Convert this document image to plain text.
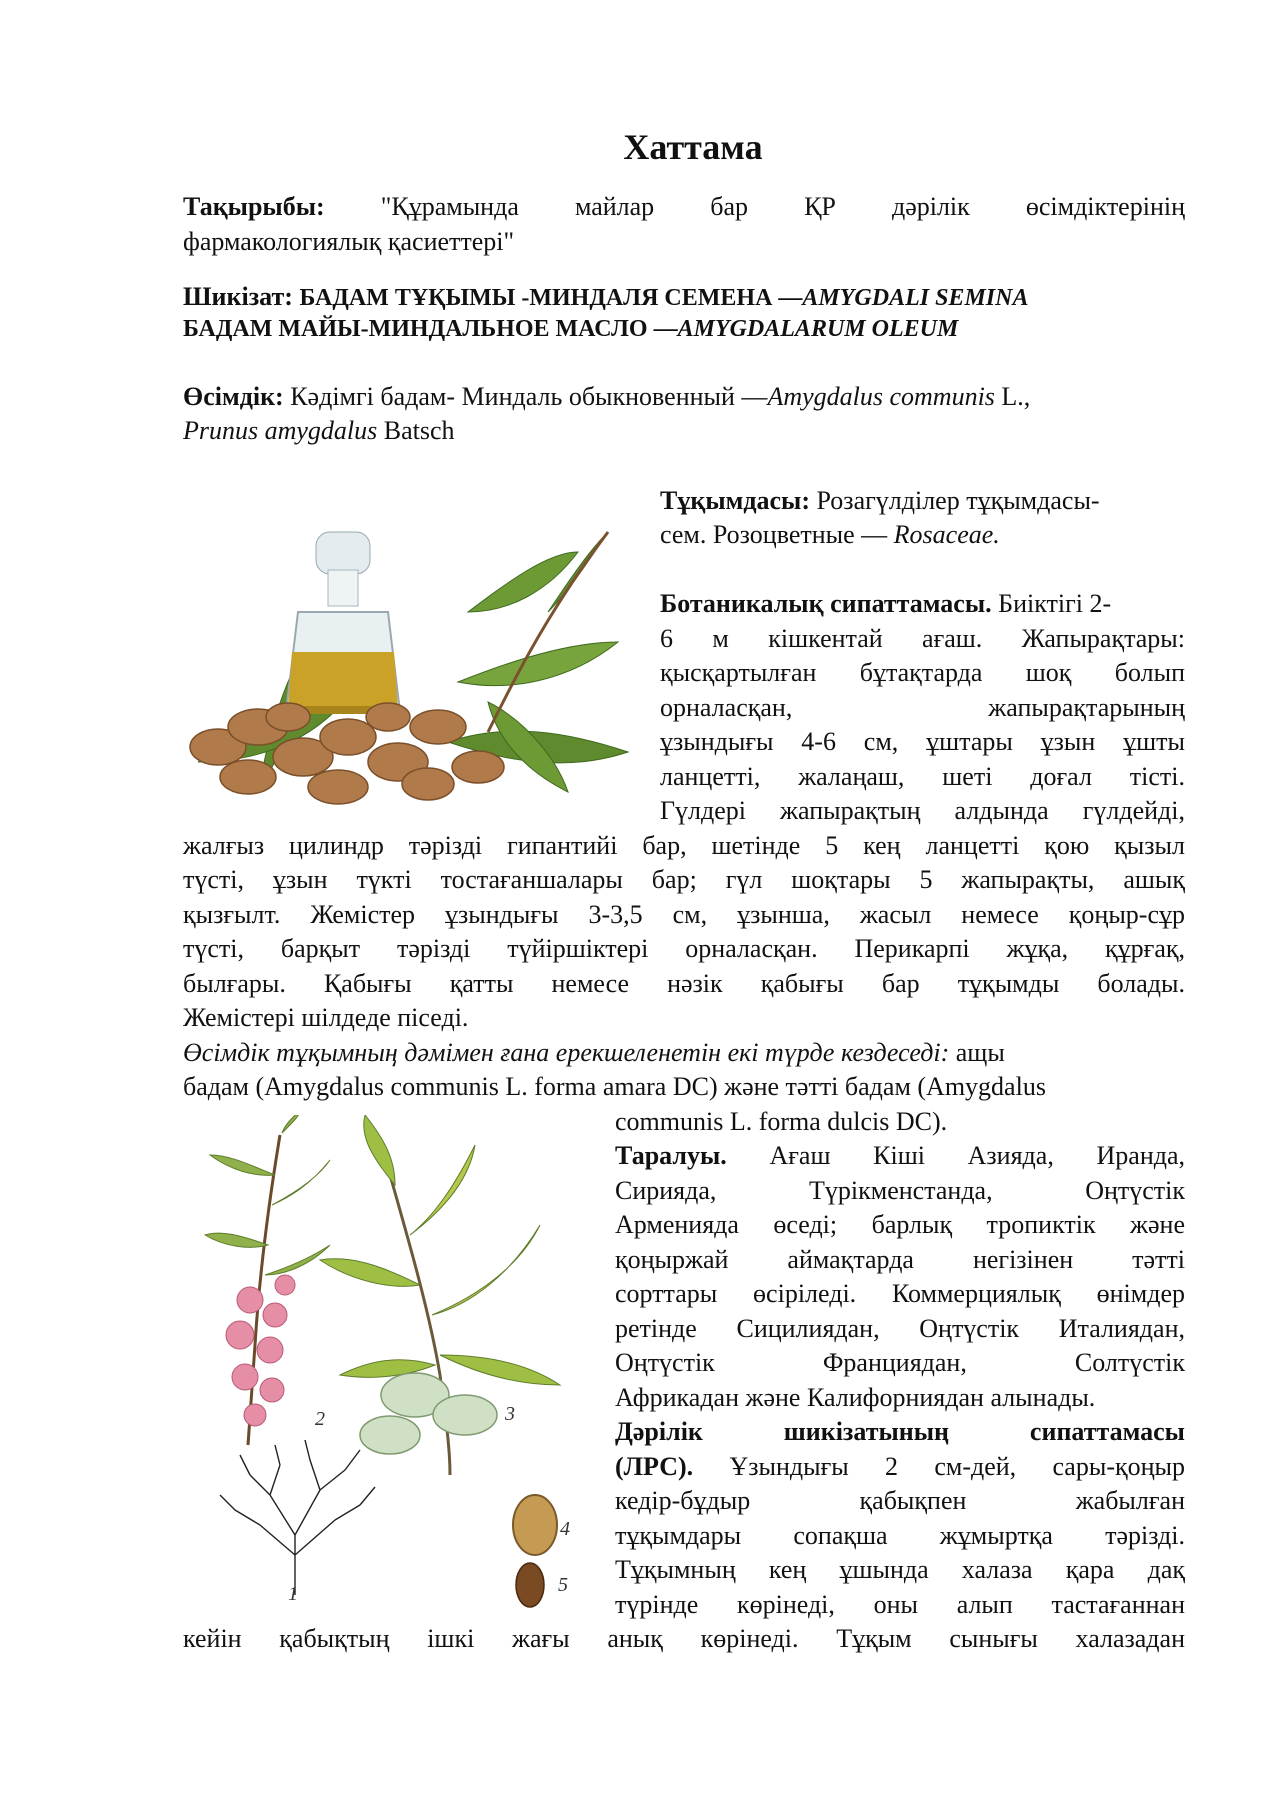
Хаттама
Тақырыбы: "Құрамында майлар бар ҚР дәрілік өсімдіктерінің
фармакологиялық қасиеттері"
Шикізат: БАДАМ ТҰҚЫМЫ -МИНДАЛЯ СЕМЕНА —AMYGDALI SEMINA
БАДАМ МАЙЫ-МИНДАЛЬНОЕ МАСЛО —AMYGDALARUM OLEUM
Өсімдік: Кәдімгі бадам- Миндаль обыкновенный —Amygdalus communis L.,
Prunus amygdalus Batsch
Тұқымдасы: Розагүлділер тұқымдасы-
сем. Розоцветные — Rosaceae.
Ботаникалық сипаттамасы. Биіктігі 2-
6 м кішкентай ағаш. Жапырақтары:
қысқартылған бұтақтарда шоқ болып
орналасқан, жапырақтарының
ұзындығы 4-6 см, ұштары ұзын ұшты
ланцетті, жалаңаш, шеті доғал тісті.
Гүлдері жапырақтың алдында гүлдейді,
жалғыз цилиндр тәрізді гипантийі бар, шетінде 5 кең ланцетті қою қызыл
түсті, ұзын түкті тостағаншалары бар; гүл шоқтары 5 жапырақты, ашық
қызғылт. Жемістер ұзындығы 3-3,5 см, ұзынша, жасыл немесе қоңыр-сұр
түсті, барқыт тәрізді түйіршіктері орналасқан. Перикарпі жұқа, құрғақ,
былғары. Қабығы қатты немесе нәзік қабығы бар тұқымды болады.
Жемістері шілдеде піседі.
Өсімдік тұқымның дәмімен ғана ерекшеленетін екі түрде кездеседі: ащы
бадам (Amygdalus communis L. forma amara DC) және тәтті бадам (Amygdalus
communis L. forma dulcis DC).
1
2	3
4
5
Таралуы. Ағаш Кіші Азияда, Иранда,
Сирияда, Түрікменстанда, Оңтүстік
Арменияда өседі; барлық тропиктік және
қоңыржай аймақтарда негізінен тәтті
сорттары өсіріледі. Коммерциялық өнімдер
ретінде Сицилиядан, Оңтүстік Италиядан,
Оңтүстік Франциядан, Солтүстік
Африкадан және Калифорниядан алынады.
Дәрілік шикізатының сипаттамасы
(ЛРС). Ұзындығы 2 см-дей, сары-қоңыр
кедір-бұдыр қабықпен жабылған
тұқымдары сопақша жұмыртқа тәрізді.
Тұқымның кең ұшында халаза қара дақ
түрінде көрінеді, оны алып тастағаннан
кейін қабықтың ішкі жағы анық көрінеді. Тұқым сынығы халазадан
